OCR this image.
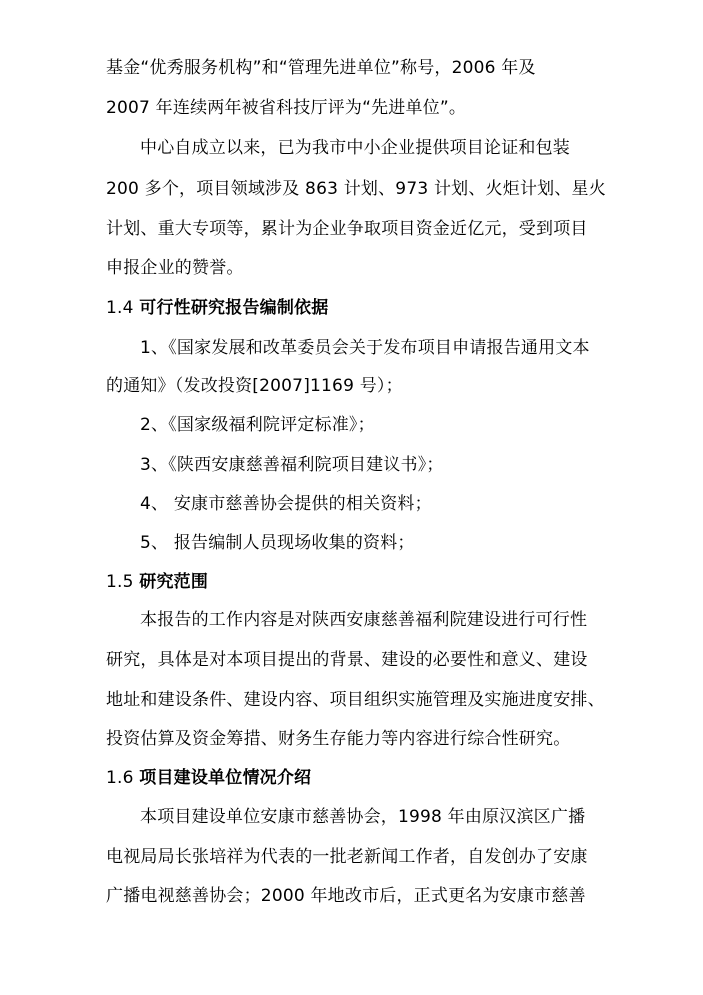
基金“优秀服务机构”和“管理先进单位”称号，2006 年及
2007 年连续两年被省科技厅评为“先进单位”。
中心自成立以来，已为我市中小企业提供项目论证和包装
200 多个，项目领域涉及 863 计划、973 计划、火炬计划、星火
计划、重大专项等，累计为企业争取项目资金近亿元，受到项目
申报企业的赞誉。
1.4 可行性研究报告编制依据
1、《国家发展和改革委员会关于发布项目申请报告通用文本
的通知》（发改投资[2007]1169 号）；
2、《国家级福利院评定标准》；
3、《陕西安康慈善福利院项目建议书》；
4、 安康市慈善协会提供的相关资料；
5、 报告编制人员现场收集的资料；
1.5 研究范围
本报告的工作内容是对陕西安康慈善福利院建设进行可行性
研究，具体是对本项目提出的背景、建设的必要性和意义、建设
地址和建设条件、建设内容、项目组织实施管理及实施进度安排、
投资估算及资金筹措、财务生存能力等内容进行综合性研究。
1.6 项目建设单位情况介绍
本项目建设单位安康市慈善协会，1998 年由原汉滨区广播
电视局局长张培祥为代表的一批老新闻工作者，自发创办了安康
广播电视慈善协会；2000 年地改市后，正式更名为安康市慈善
